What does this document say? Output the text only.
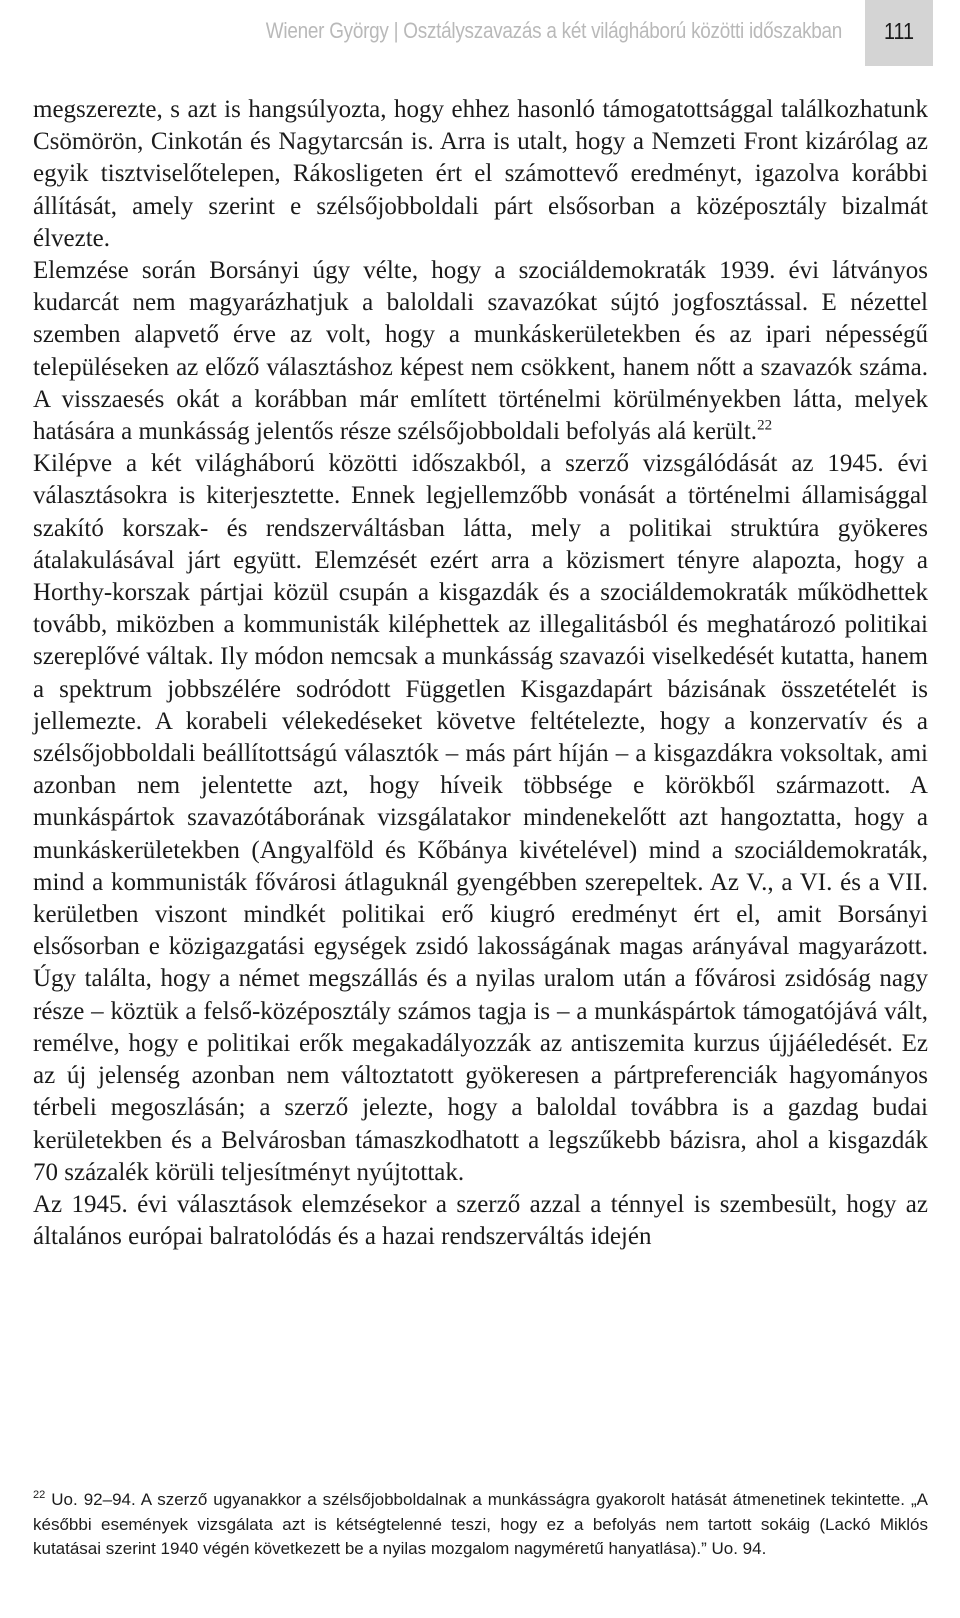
Wiener György | Osztályszavazás a két világháború közötti időszakban	111

megszerezte, s azt is hangsúlyozta, hogy ehhez hasonló támogatottsággal találkozhatunk Csömörön, Cinkotán és Nagytarcsán is. Arra is utalt, hogy a Nemzeti Front kizárólag az egyik tisztviselőtelepen, Rákosligeten ért el számottevő eredményt, igazolva korábbi állítását, amely szerint e szélsőjobboldali párt elsősorban a középosztály bizalmát élvezte.

Elemzése során Borsányi úgy vélte, hogy a szociáldemokraták 1939. évi látványos kudarcát nem magyarázhatjuk a baloldali szavazókat sújtó jogfosztással. E nézettel szemben alapvető érve az volt, hogy a munkáskerületekben és az ipari népességű településeken az előző választáshoz képest nem csökkent, hanem nőtt a szavazók száma. A visszaesés okát a korábban már említett történelmi körülményekben látta, melyek hatására a munkásság jelentős része szélsőjobboldali befolyás alá került.$^{22}$

Kilépve a két világháború közötti időszakból, a szerző vizsgálódását az 1945. évi választásokra is kiterjesztette. Ennek legjellemzőbb vonását a történelmi államisággal szakító korszak- és rendszerváltásban látta, mely a politikai struktúra gyökeres átalakulásával járt együtt. Elemzését ezért arra a közismert tényre alapozta, hogy a Horthy-korszak pártjai közül csupán a kisgazdák és a szociáldemokraták működhettek tovább, miközben a kommunisták kiléphettek az illegalitásból és meghatározó politikai szereplővé váltak. Ily módon nemcsak a munkásság szavazói viselkedését kutatta, hanem a spektrum jobbszélére sodródott Független Kisgazdapárt bázisának összetételét is jellemezte. A korabeli vélekedéseket követve feltételezte, hogy a konzervatív és a szélsőjobboldali beállítottságú választók – más párt híján – a kisgazdákra voksoltak, ami azonban nem jelentette azt, hogy híveik többsége e körökből származott. A munkáspártok szavazótáborának vizsgálatakor mindenekelőtt azt hangoztatta, hogy a munkáskerületekben (Angyalföld és Kőbánya kivételével) mind a szociáldemokraták, mind a kommunisták fővárosi átlaguknál gyengébben szerepeltek. Az V., a VI. és a VII. kerületben viszont mindkét politikai erő kiugró eredményt ért el, amit Borsányi elsősorban e közigazgatási egységek zsidó lakosságának magas arányával magyarázott. Úgy találta, hogy a német megszállás és a nyilas uralom után a fővárosi zsidóság nagy része – köztük a felső-középosztály számos tagja is – a munkáspártok támogatójává vált, remélve, hogy e politikai erők megakadályozzák az antiszemita kurzus újjáéledését. Ez az új jelenség azonban nem változtatott gyökeresen a pártpreferenciák hagyományos térbeli megoszlásán; a szerző jelezte, hogy a baloldal továbbra is a gazdag budai kerületekben és a Belvárosban támaszkodhatott a legszűkebb bázisra, ahol a kisgazdák 70 százalék körüli teljesítményt nyújtottak.

Az 1945. évi választások elemzésekor a szerző azzal a ténnyel is szembesült, hogy az általános európai balratolódás és a hazai rendszerváltás idején

$^{22}$ Uo. 92–94. A szerző ugyanakkor a szélsőjobboldalnak a munkásságra gyakorolt hatását átmenetinek tekintette. „A későbbi események vizsgálata azt is kétségtelenné teszi, hogy ez a befolyás nem tartott sokáig (Lackó Miklós kutatásai szerint 1940 végén következett be a nyilas mozgalom nagyméretű hanyatlása).” Uo. 94.
